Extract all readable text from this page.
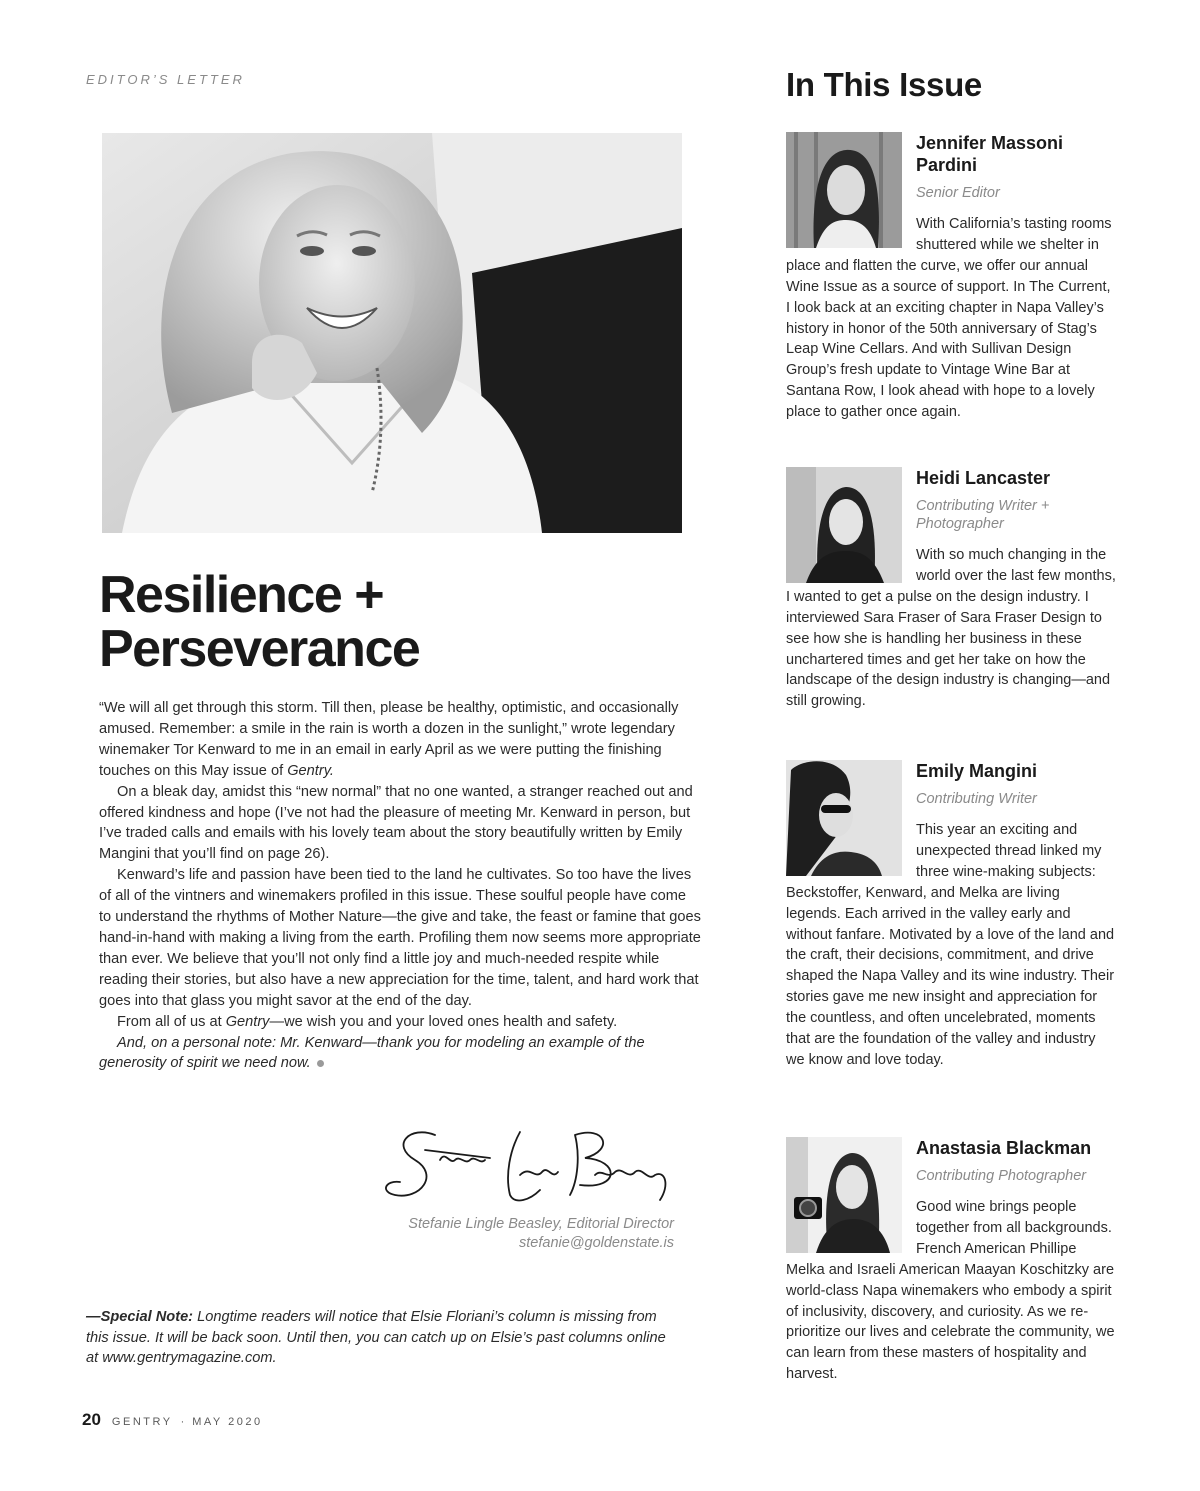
EDITOR’S LETTER
Resilience +
Perseverance

“We will all get through this storm. Till then, please be healthy, optimistic, and occasionally amused. Remember: a smile in the rain is worth a dozen in the sunlight,” wrote legendary winemaker Tor Kenward to me in an email in early April as we were putting the finishing touches on this May issue of Gentry.

On a bleak day, amidst this “new normal” that no one wanted, a stranger reached out and offered kindness and hope (I’ve not had the pleasure of meeting Mr. Kenward in person, but I’ve traded calls and emails with his lovely team about the story beautifully written by Emily Mangini that you’ll find on page 26).

Kenward’s life and passion have been tied to the land he cultivates. So too have the lives of all of the vintners and winemakers profiled in this issue. These soulful people have come to understand the rhythms of Mother Nature—the give and take, the feast or famine that goes hand-in-hand with making a living from the earth. Profiling them now seems more appropriate than ever. We believe that you’ll not only find a little joy and much-needed respite while reading their stories, but also have a new appreciation for the time, talent, and hard work that goes into that glass you might savor at the end of the day.

From all of us at Gentry—we wish you and your loved ones health and safety.

And, on a personal note: Mr. Kenward—thank you for modeling an example of the generosity of spirit we need now.

Stefanie Lingle Beasley, Editorial Director
stefanie@goldenstate.is
—Special Note: Longtime readers will notice that Elsie Floriani’s column is missing from this issue. It will be back soon. Until then, you can catch up on Elsie’s past columns online at www.gentrymagazine.com.
20 GENTRY · MAY 2020
In This Issue
Jennifer Massoni Pardini
Senior Editor
With California’s tasting rooms shuttered while we shelter in place and flatten the curve, we offer our annual Wine Issue as a source of support. In The Current, I look back at an exciting chapter in Napa Valley’s history in honor of the 50th anniversary of Stag’s Leap Wine Cellars. And with Sullivan Design Group’s fresh update to Vintage Wine Bar at Santana Row, I look ahead with hope to a lovely place to gather once again.
Heidi Lancaster
Contributing Writer + Photographer
With so much changing in the world over the last few months, I wanted to get a pulse on the design industry. I interviewed Sara Fraser of Sara Fraser Design to see how she is handling her business in these unchartered times and get her take on how the landscape of the design industry is changing—and still growing.
Emily Mangini
Contributing Writer
This year an exciting and unexpected thread linked my three wine-making subjects: Beckstoffer, Kenward, and Melka are living legends. Each arrived in the valley early and without fanfare. Motivated by a love of the land and the craft, their decisions, commitment, and drive shaped the Napa Valley and its wine industry. Their stories gave me new insight and appreciation for the countless, and often uncelebrated, moments that are the foundation of the valley and industry we know and love today.
Anastasia Blackman
Contributing Photographer
Good wine brings people together from all backgrounds. French American Phillipe Melka and Israeli American Maayan Koschitzky are world-class Napa winemakers who embody a spirit of inclusivity, discovery, and curiosity. As we re-prioritize our lives and celebrate the community, we can learn from these masters of hospitality and harvest.
